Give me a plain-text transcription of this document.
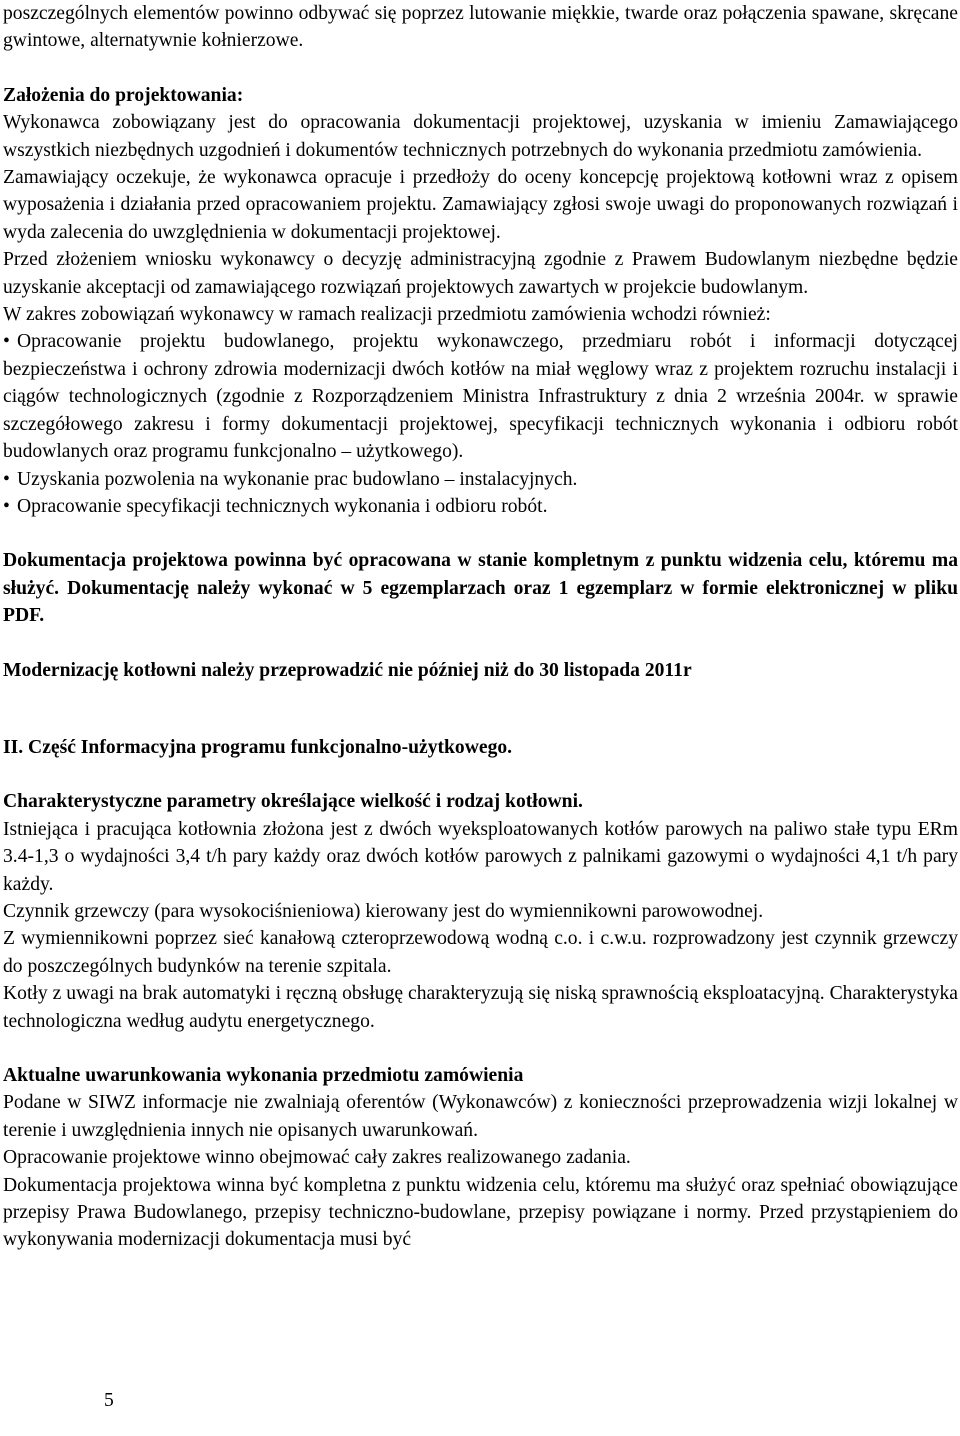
poszczególnych elementów powinno odbywać się poprzez lutowanie miękkie, twarde oraz połączenia spawane, skręcane gwintowe, alternatywnie kołnierzowe.

Założenia do projektowania:

Wykonawca zobowiązany jest do opracowania dokumentacji projektowej, uzyskania w imieniu Zamawiającego wszystkich niezbędnych uzgodnień i dokumentów technicznych potrzebnych do wykonania przedmiotu zamówienia.

Zamawiający oczekuje, że wykonawca opracuje i przedłoży do oceny koncepcję projektową kotłowni wraz z opisem wyposażenia i działania przed opracowaniem projektu. Zamawiający zgłosi swoje uwagi do proponowanych rozwiązań i wyda zalecenia do uwzględnienia w dokumentacji projektowej.

Przed złożeniem wniosku wykonawcy o decyzję administracyjną zgodnie z Prawem Budowlanym niezbędne będzie uzyskanie akceptacji od zamawiającego rozwiązań projektowych zawartych w projekcie budowlanym.

W zakres zobowiązań wykonawcy w ramach realizacji przedmiotu zamówienia wchodzi również:

• Opracowanie projektu budowlanego, projektu wykonawczego, przedmiaru robót i informacji dotyczącej bezpieczeństwa i ochrony zdrowia modernizacji dwóch kotłów na miał węglowy wraz z projektem rozruchu instalacji i ciągów technologicznych (zgodnie z Rozporządzeniem Ministra Infrastruktury z dnia 2 września 2004r. w sprawie szczegółowego zakresu i formy dokumentacji projektowej, specyfikacji technicznych wykonania i odbioru robót budowlanych oraz programu funkcjonalno – użytkowego).

• Uzyskania pozwolenia na wykonanie prac budowlano – instalacyjnych.

• Opracowanie specyfikacji technicznych wykonania i odbioru robót.

Dokumentacja projektowa powinna być opracowana w stanie kompletnym z punktu widzenia celu, któremu ma służyć. Dokumentację należy wykonać w 5 egzemplarzach oraz 1 egzemplarz w formie elektronicznej w pliku PDF.

Modernizację kotłowni należy przeprowadzić nie później niż do 30 listopada 2011r

II. Część Informacyjna programu funkcjonalno-użytkowego.

Charakterystyczne parametry określające wielkość i rodzaj kotłowni.

Istniejąca i pracująca kotłownia złożona jest z dwóch wyeksploatowanych kotłów parowych na paliwo stałe typu ERm 3.4-1,3 o wydajności 3,4 t/h pary każdy oraz dwóch kotłów parowych z palnikami gazowymi o wydajności 4,1 t/h pary każdy.

Czynnik grzewczy (para wysokociśnieniowa) kierowany jest do wymiennikowni parowowodnej.

Z wymiennikowni poprzez sieć kanałową czteroprzewodową wodną c.o. i c.w.u. rozprowadzony jest czynnik grzewczy do poszczególnych budynków na terenie szpitala.

Kotły z uwagi na brak automatyki i ręczną obsługę charakteryzują się niską sprawnością eksploatacyjną. Charakterystyka technologiczna według audytu energetycznego.

Aktualne uwarunkowania wykonania przedmiotu zamówienia

Podane w SIWZ informacje nie zwalniają oferentów (Wykonawców) z konieczności przeprowadzenia wizji lokalnej w terenie i uwzględnienia innych nie opisanych uwarunkowań.

Opracowanie projektowe winno obejmować cały zakres realizowanego zadania.

Dokumentacja projektowa winna być kompletna z punktu widzenia celu, któremu ma służyć oraz spełniać obowiązujące przepisy Prawa Budowlanego, przepisy techniczno-budowlane, przepisy powiązane i normy. Przed przystąpieniem do wykonywania modernizacji dokumentacja musi być

5
